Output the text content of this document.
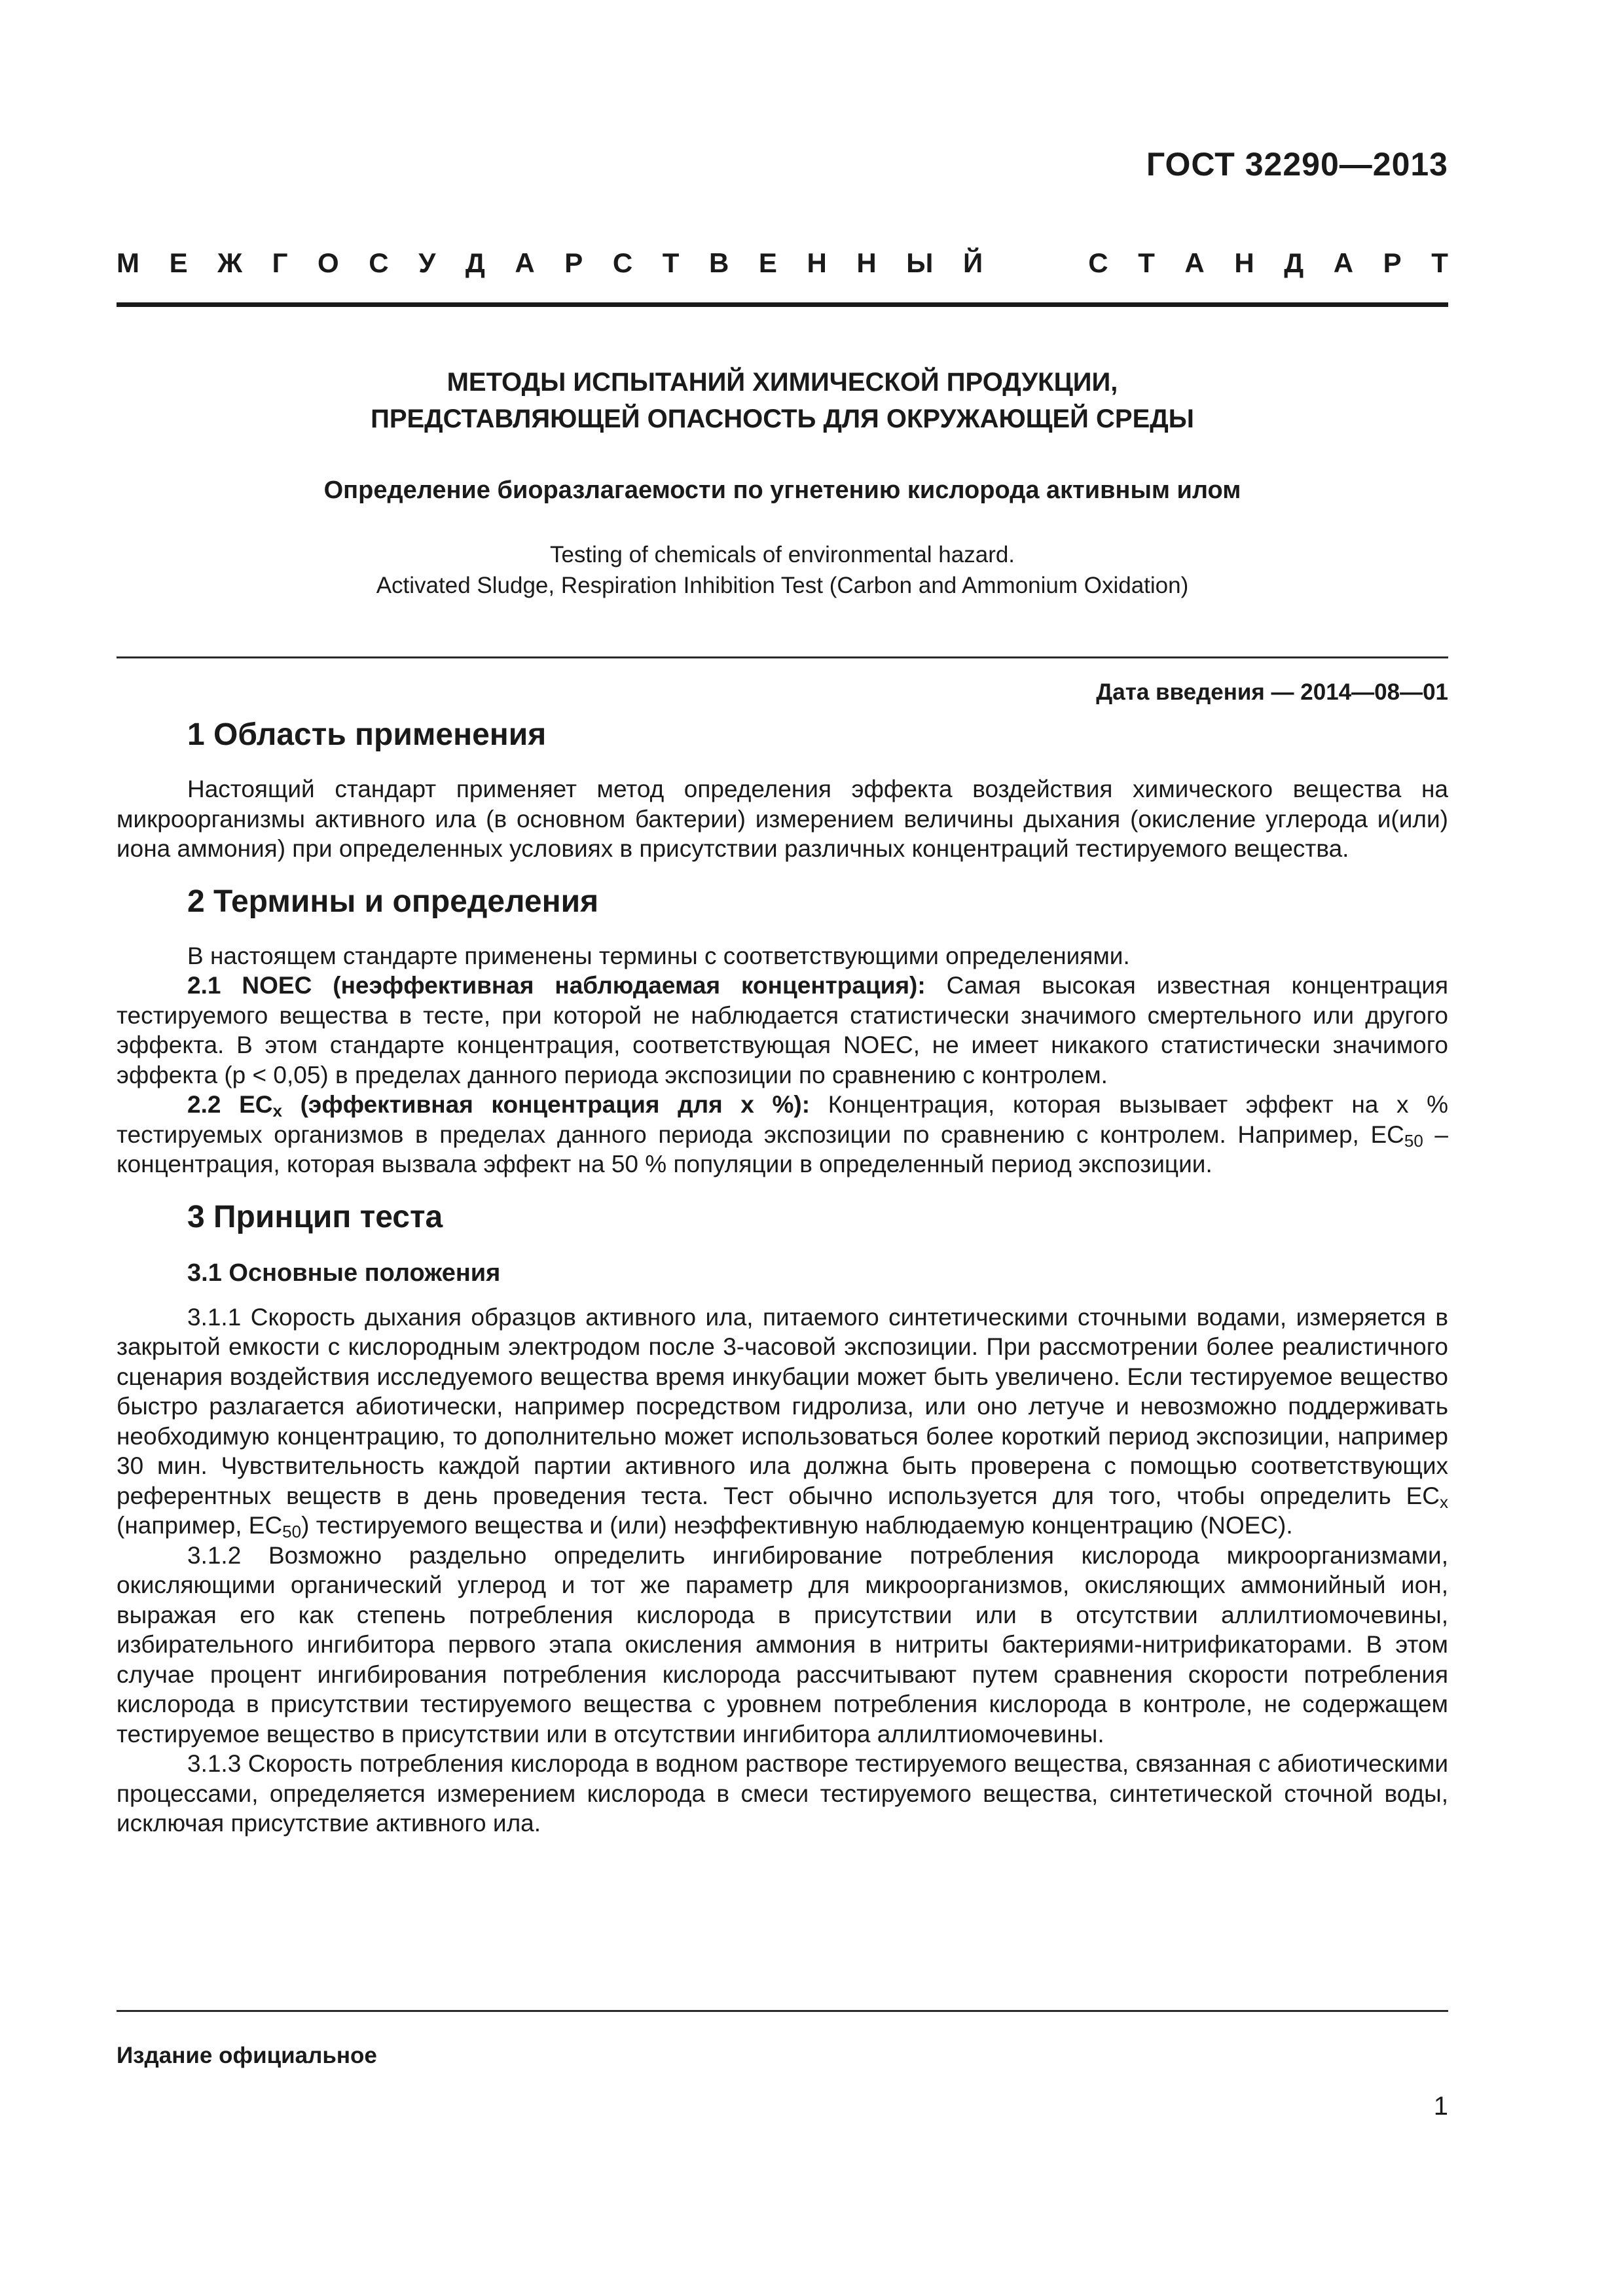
ГОСТ 32290—2013

М Е Ж Г О С У Д А Р С Т В Е Н Н Ы Й	С Т А Н Д А Р Т
МЕТОДЫ ИСПЫТАНИЙ ХИМИЧЕСКОЙ ПРОДУКЦИИ,
ПРЕДСТАВЛЯЮЩЕЙ ОПАСНОСТЬ ДЛЯ ОКРУЖАЮЩЕЙ СРЕДЫ

Определение биоразлагаемости по угнетению кислорода активным илом

Testing of chemicals of environmental hazard.
Activated Sludge, Respiration Inhibition Test (Carbon and Ammonium Oxidation)

Дата введения — 2014—08—01

1 Область применения

Настоящий стандарт применяет метод определения эффекта воздействия химического вещества на микроорганизмы активного ила (в основном бактерии) измерением величины дыхания (окисление углерода и(или) иона аммония) при определенных условиях в присутствии различных концентраций тестируемого вещества.

2 Термины и определения

В настоящем стандарте применены термины с соответствующими определениями.

2.1 NOEC (неэффективная наблюдаемая концентрация): Самая высокая известная концентрация тестируемого вещества в тесте, при которой не наблюдается статистически значимого смертельного или другого эффекта. В этом стандарте концентрация, соответствующая NOEC, не имеет никакого статистически значимого эффекта (p < 0,05) в пределах данного периода экспозиции по сравнению с контролем.

2.2 $EC_x$ (эффективная концентрация для x %): Концентрация, которая вызывает эффект на x % тестируемых организмов в пределах данного периода экспозиции по сравнению с контролем. Например, $EC_{50}$ – концентрация, которая вызвала эффект на 50 % популяции в определенный период экспозиции.

3 Принцип теста
3.1 Основные положения

3.1.1 Скорость дыхания образцов активного ила, питаемого синтетическими сточными водами, измеряется в закрытой емкости с кислородным электродом после 3-часовой экспозиции. При рассмотрении более реалистичного сценария воздействия исследуемого вещества время инкубации может быть увеличено. Если тестируемое вещество быстро разлагается абиотически, например посредством гидролиза, или оно летуче и невозможно поддерживать необходимую концентрацию, то дополнительно может использоваться более короткий период экспозиции, например 30 мин. Чувствительность каждой партии активного ила должна быть проверена с помощью соответствующих референтных веществ в день проведения теста. Тест обычно используется для того, чтобы определить $EC_x$ (например, $EC_{50}$) тестируемого вещества и (или) неэффективную наблюдаемую концентрацию (NOEC).

3.1.2 Возможно раздельно определить ингибирование потребления кислорода микроорганизмами, окисляющими органический углерод и тот же параметр для микроорганизмов, окисляющих аммонийный ион, выражая его как степень потребления кислорода в присутствии или в отсутствии аллилтиомочевины, избирательного ингибитора первого этапа окисления аммония в нитриты бактериями-нитрификаторами. В этом случае процент ингибирования потребления кислорода рассчитывают путем сравнения скорости потребления кислорода в присутствии тестируемого вещества с уровнем потребления кислорода в контроле, не содержащем тестируемое вещество в присутствии или в отсутствии ингибитора аллилтиомочевины.

3.1.3 Скорость потребления кислорода в водном растворе тестируемого вещества, связанная с абиотическими процессами, определяется измерением кислорода в смеси тестируемого вещества, синтетической сточной воды, исключая присутствие активного ила.

Издание официальное

1
